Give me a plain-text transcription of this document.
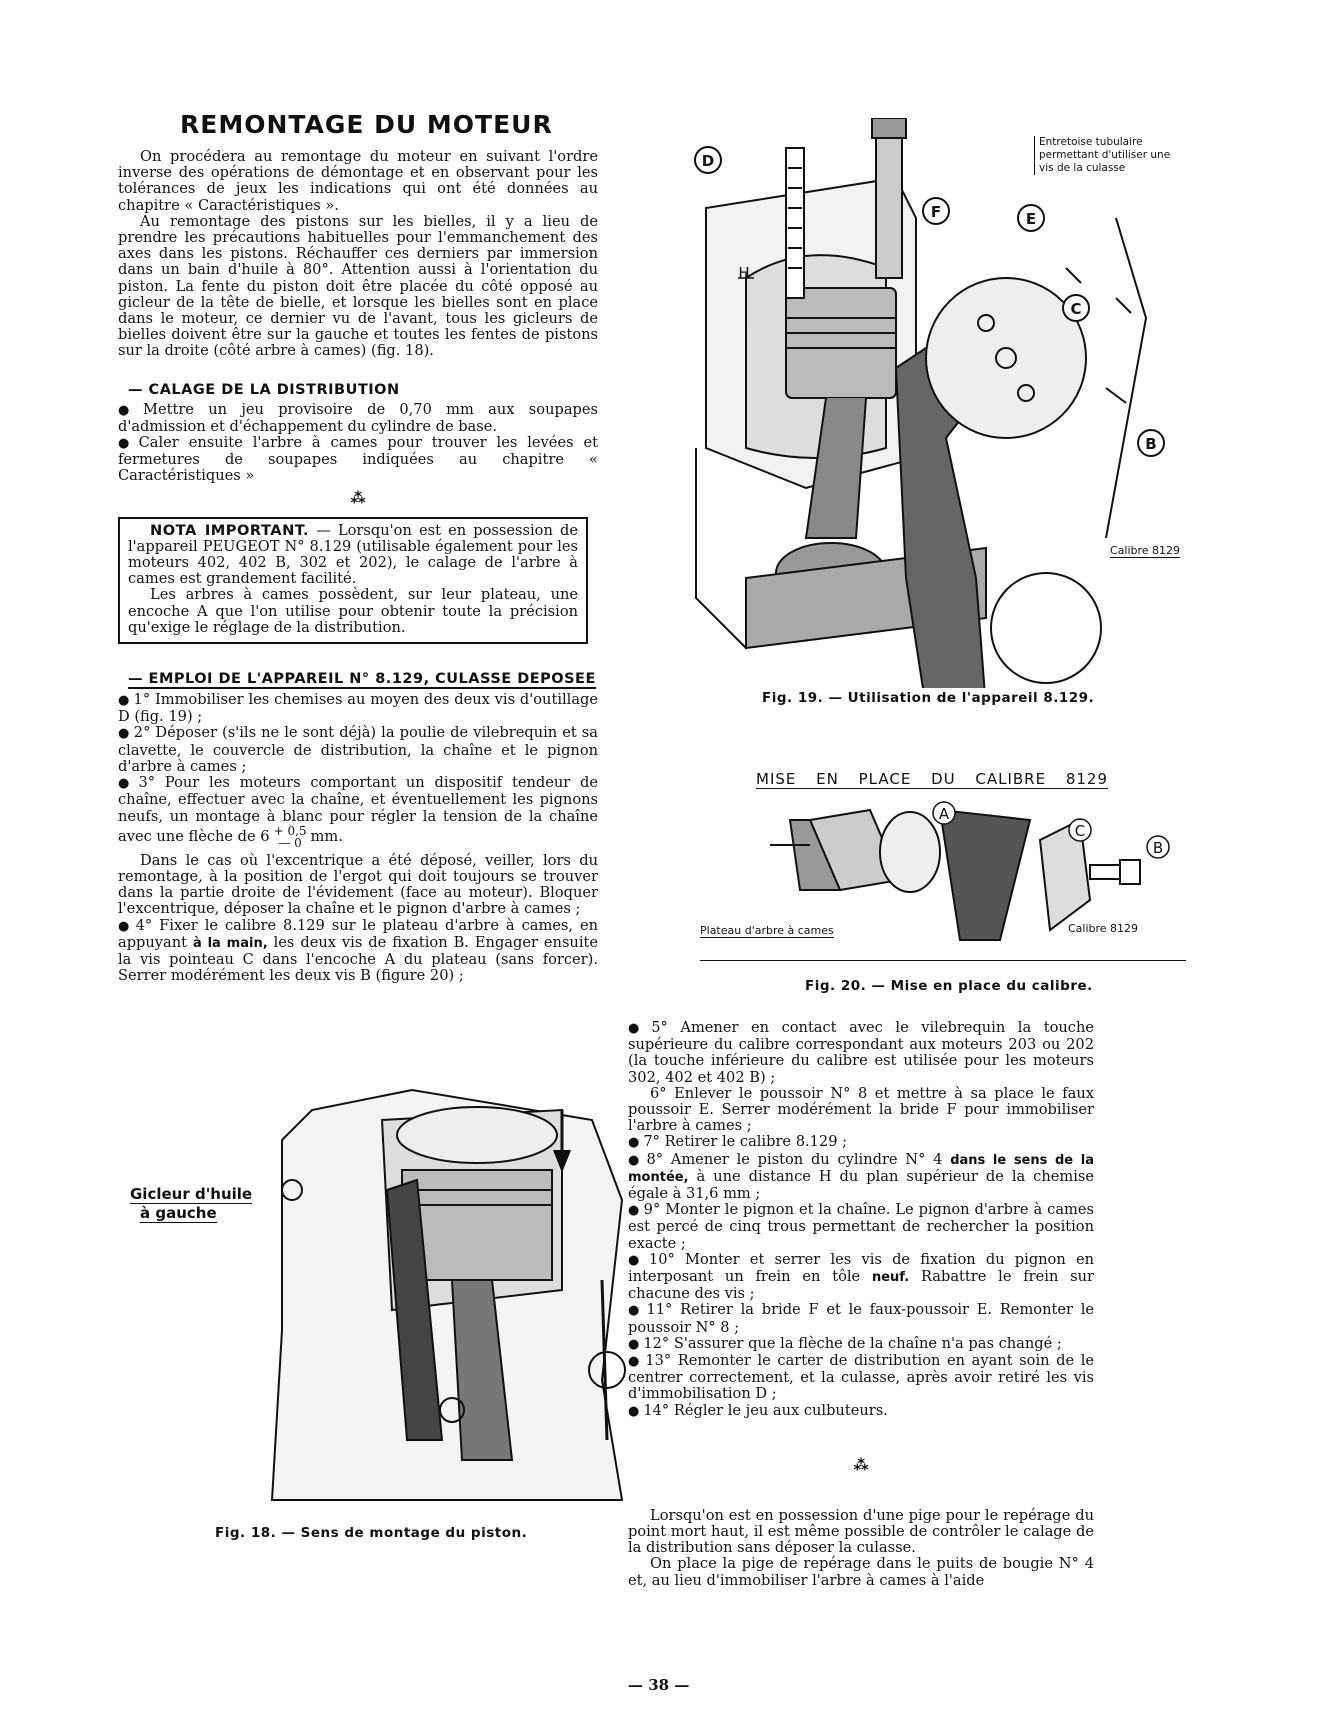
REMONTAGE DU MOTEUR

On procédera au remontage du moteur en suivant l'ordre inverse des opérations de démontage et en observant pour les tolérances de jeux les indications qui ont été données au chapitre « Caractéristiques ».

Au remontage des pistons sur les bielles, il y a lieu de prendre les précautions habituelles pour l'emmanchement des axes dans les pistons. Réchauffer ces derniers par immersion dans un bain d'huile à 80°. Attention aussi à l'orientation du piston. La fente du piston doit être placée du côté opposé au gicleur de la tête de bielle, et lorsque les bielles sont en place dans le moteur, ce dernier vu de l'avant, tous les gicleurs de bielles doivent être sur la gauche et toutes les fentes de pistons sur la droite (côté arbre à cames) (fig. 18).

— CALAGE DE LA DISTRIBUTION

● Mettre un jeu provisoire de 0,70 mm aux soupapes d'admission et d'échappement du cylindre de base.

● Caler ensuite l'arbre à cames pour trouver les levées et fermetures de soupapes indiquées au chapitre « Caractéristiques »

⁂

NOTA IMPORTANT. — Lorsqu'on est en possession de l'appareil PEUGEOT N° 8.129 (utilisable également pour les moteurs 402, 402 B, 302 et 202), le calage de l'arbre à cames est grandement facilité.

Les arbres à cames possèdent, sur leur plateau, une encoche A que l'on utilise pour obtenir toute la précision qu'exige le réglage de la distribution.

— EMPLOI DE L'APPAREIL N° 8.129, CULASSE DEPOSEE

● 1° Immobiliser les chemises au moyen des deux vis d'outillage D (fig. 19) ;

● 2° Déposer (s'ils ne le sont déjà) la poulie de vilebrequin et sa clavette, le couvercle de distribution, la chaîne et le pignon d'arbre à cames ;

● 3° Pour les moteurs comportant un dispositif tendeur de chaîne, effectuer avec la chaîne, et éventuellement les pignons neufs, un montage à blanc pour régler la tension de la chaîne avec une flèche de 6 + 0,5
— 0 mm.

Dans le cas où l'excentrique a été déposé, veiller, lors du remontage, à la position de l'ergot qui doit toujours se trouver dans la partie droite de l'évidement (face au moteur). Bloquer l'excentrique, déposer la chaîne et le pignon d'arbre à cames ;

● 4° Fixer le calibre 8.129 sur le plateau d'arbre à cames, en appuyant à la main, les deux vis de fixation B. Engager ensuite la vis pointeau C dans l'encoche A du plateau (sans forcer). Serrer modérément les deux vis B (figure 20) ;

● 5° Amener en contact avec le vilebrequin la touche supérieure du calibre correspondant aux moteurs 203 ou 202 (la touche inférieure du calibre est utilisée pour les moteurs 302, 402 et 402 B) ;

6° Enlever le poussoir N° 8 et mettre à sa place le faux poussoir E. Serrer modérément la bride F pour immobiliser l'arbre à cames ;

● 7° Retirer le calibre 8.129 ;

● 8° Amener le piston du cylindre N° 4 dans le sens de la montée, à une distance H du plan supérieur de la chemise égale à 31,6 mm ;

● 9° Monter le pignon et la chaîne. Le pignon d'arbre à cames est percé de cinq trous permettant de rechercher la position exacte ;

● 10° Monter et serrer les vis de fixation du pignon en interposant un frein en tôle neuf. Rabattre le frein sur chacune des vis ;

● 11° Retirer la bride F et le faux-poussoir E. Remonter le poussoir N° 8 ;

● 12° S'assurer que la flèche de la chaîne n'a pas changé ;

● 13° Remonter le carter de distribution en ayant soin de le centrer correctement, et la culasse, après avoir retiré les vis d'immobilisation D ;

● 14° Régler le jeu aux culbuteurs.

⁂

Lorsqu'on est en possession d'une pige pour le repérage du point mort haut, il est même possible de contrôler le calage de la distribution sans déposer la culasse.

On place la pige de repérage dans le puits de bougie N° 4 et, au lieu d'immobiliser l'arbre à cames à l'aide

D
E
F
C
B
H
Entretoise tubulaire permettant d'utiliser une vis de la culasse
Calibre 8129
Fig. 19. — Utilisation de l'appareil 8.129.
MISE EN PLACE DU CALIBRE 8129
A
C
B
Plateau d'arbre à cames	Calibre 8129
Fig. 20. — Mise en place du calibre.
Gicleur d'huile
à gauche
Fig. 18. — Sens de montage du piston.
— 38 —
